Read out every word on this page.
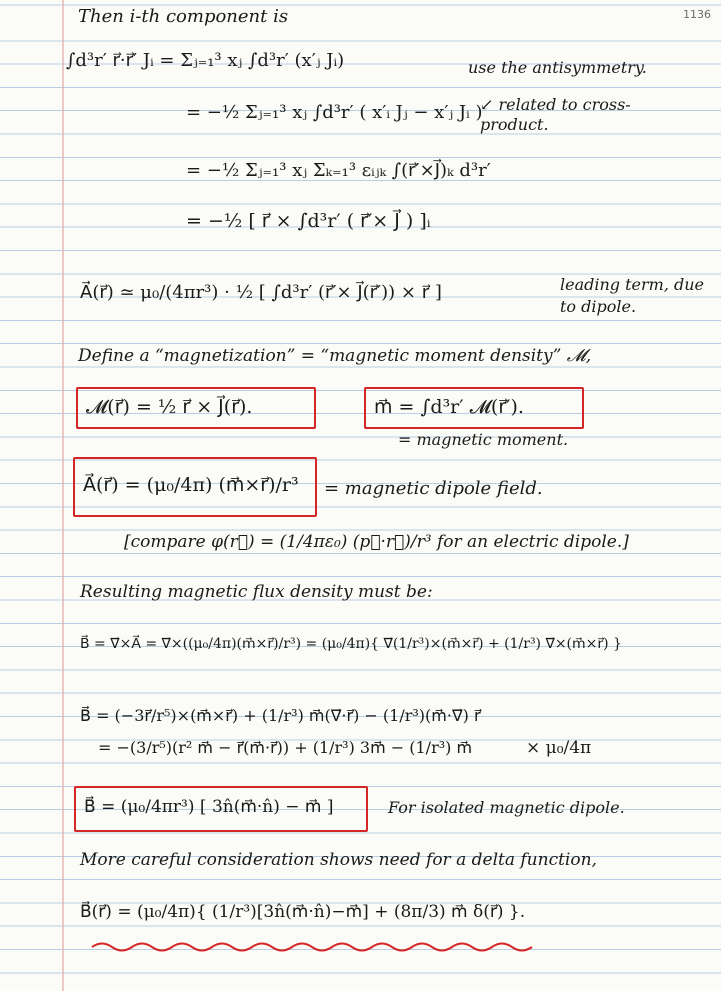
1136
Then i-th component is
∫d³r′ r⃗·r⃗′ Jᵢ = Σⱼ₌₁³ xⱼ ∫d³r′ (x′ⱼ Jᵢ)	use the antisymmetry.
= −½ Σⱼ₌₁³ xⱼ ∫d³r′ ( x′ᵢ Jⱼ − x′ⱼ Jᵢ )
↙ related to cross-product.
= −½ Σⱼ₌₁³ xⱼ Σₖ₌₁³ εᵢⱼₖ ∫(r⃗′×J⃗)ₖ d³r′
= −½ [ r⃗ × ∫d³r′ ( r⃗′× J⃗ ) ]ᵢ
A⃗(r⃗) ≃ μ₀/(4πr³) · ½ [ ∫d³r′ (r⃗′× J⃗(r⃗′)) × r⃗ ]	leading term, due to dipole.
Define a “magnetization” = “magnetic moment density” 𝓜,
𝓜(r⃗) = ½ r⃗ × J⃗(r⃗).	m⃗ = ∫d³r′ 𝓜(r⃗′).
= magnetic moment.
A⃗(r⃗) = (μ₀/4π) (m⃗×r⃗)/r³ = magnetic dipole field.
[compare φ(r⃗) = (1/4πε₀) (p⃗·r⃗)/r³ for an electric dipole.]
Resulting magnetic flux density must be:
B⃗ = ∇⃗×A⃗ = ∇⃗×((μ₀/4π)(m⃗×r⃗)/r³) = (μ₀/4π){ ∇⃗(1/r³)×(m⃗×r⃗) + (1/r³) ∇⃗×(m⃗×r⃗) }
B⃗ = (−3r⃗/r⁵)×(m⃗×r⃗) + (1/r³) m⃗(∇⃗·r⃗) − (1/r³)(m⃗·∇⃗) r⃗
= −(3/r⁵)(r² m⃗ − r⃗(m⃗·r⃗)) + (1/r³) 3m⃗ − (1/r³) m⃗	× μ₀/4π
B⃗ = (μ₀/4πr³) [ 3n̂(m⃗·n̂) − m⃗ ]	For isolated magnetic dipole.
More careful consideration shows need for a delta function,
B⃗(r⃗) = (μ₀/4π){ (1/r³)[3n̂(m⃗·n̂)−m⃗] + (8π/3) m⃗ δ(r⃗) }.
